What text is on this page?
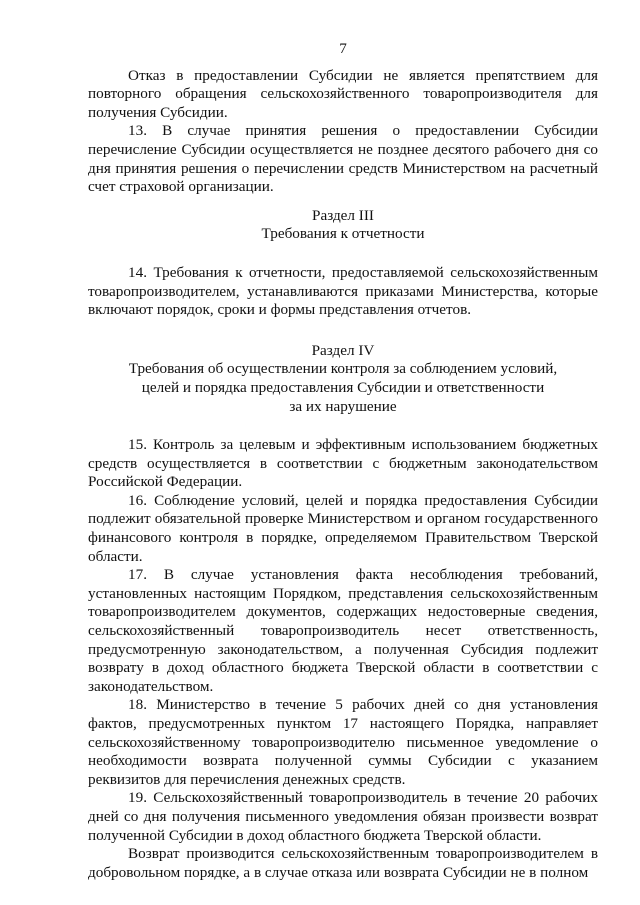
7

Отказ в предоставлении Субсидии не является препятствием для повторного обращения сельскохозяйственного товаропроизводителя для получения Субсидии.

13. В случае принятия решения о предоставлении Субсидии перечисление Субсидии осуществляется не позднее десятого рабочего дня со дня принятия решения о перечислении средств Министерством на расчетный счет страховой организации.

Раздел III

Требования к отчетности

14. Требования к отчетности, предоставляемой сельскохозяйственным товаропроизводителем, устанавливаются приказами Министерства, которые включают порядок, сроки и формы представления отчетов.

Раздел IV

Требования об осуществлении контроля за соблюдением условий,
целей и порядка предоставления Субсидии и ответственности
за их нарушение

15. Контроль за целевым и эффективным использованием бюджетных средств осуществляется в соответствии с бюджетным законодательством Российской Федерации.

16. Соблюдение условий, целей и порядка предоставления Субсидии подлежит обязательной проверке Министерством и органом государственного финансового контроля в порядке, определяемом Правительством Тверской области.

17. В случае установления факта несоблюдения требований, установленных настоящим Порядком, представления сельскохозяйственным товаропроизводителем документов, содержащих недостоверные сведения, сельскохозяйственный товаропроизводитель несет ответственность, предусмотренную законодательством, а полученная Субсидия подлежит возврату в доход областного бюджета Тверской области в соответствии с законодательством.

18. Министерство в течение 5 рабочих дней со дня установления фактов, предусмотренных пунктом 17 настоящего Порядка, направляет сельскохозяйственному товаропроизводителю письменное уведомление о необходимости возврата полученной суммы Субсидии с указанием реквизитов для перечисления денежных средств.

19. Сельскохозяйственный товаропроизводитель в течение 20 рабочих дней со дня получения письменного уведомления обязан произвести возврат полученной Субсидии в доход областного бюджета Тверской области.

Возврат производится сельскохозяйственным товаропроизводителем в добровольном порядке, а в случае отказа или возврата Субсидии не в полном
